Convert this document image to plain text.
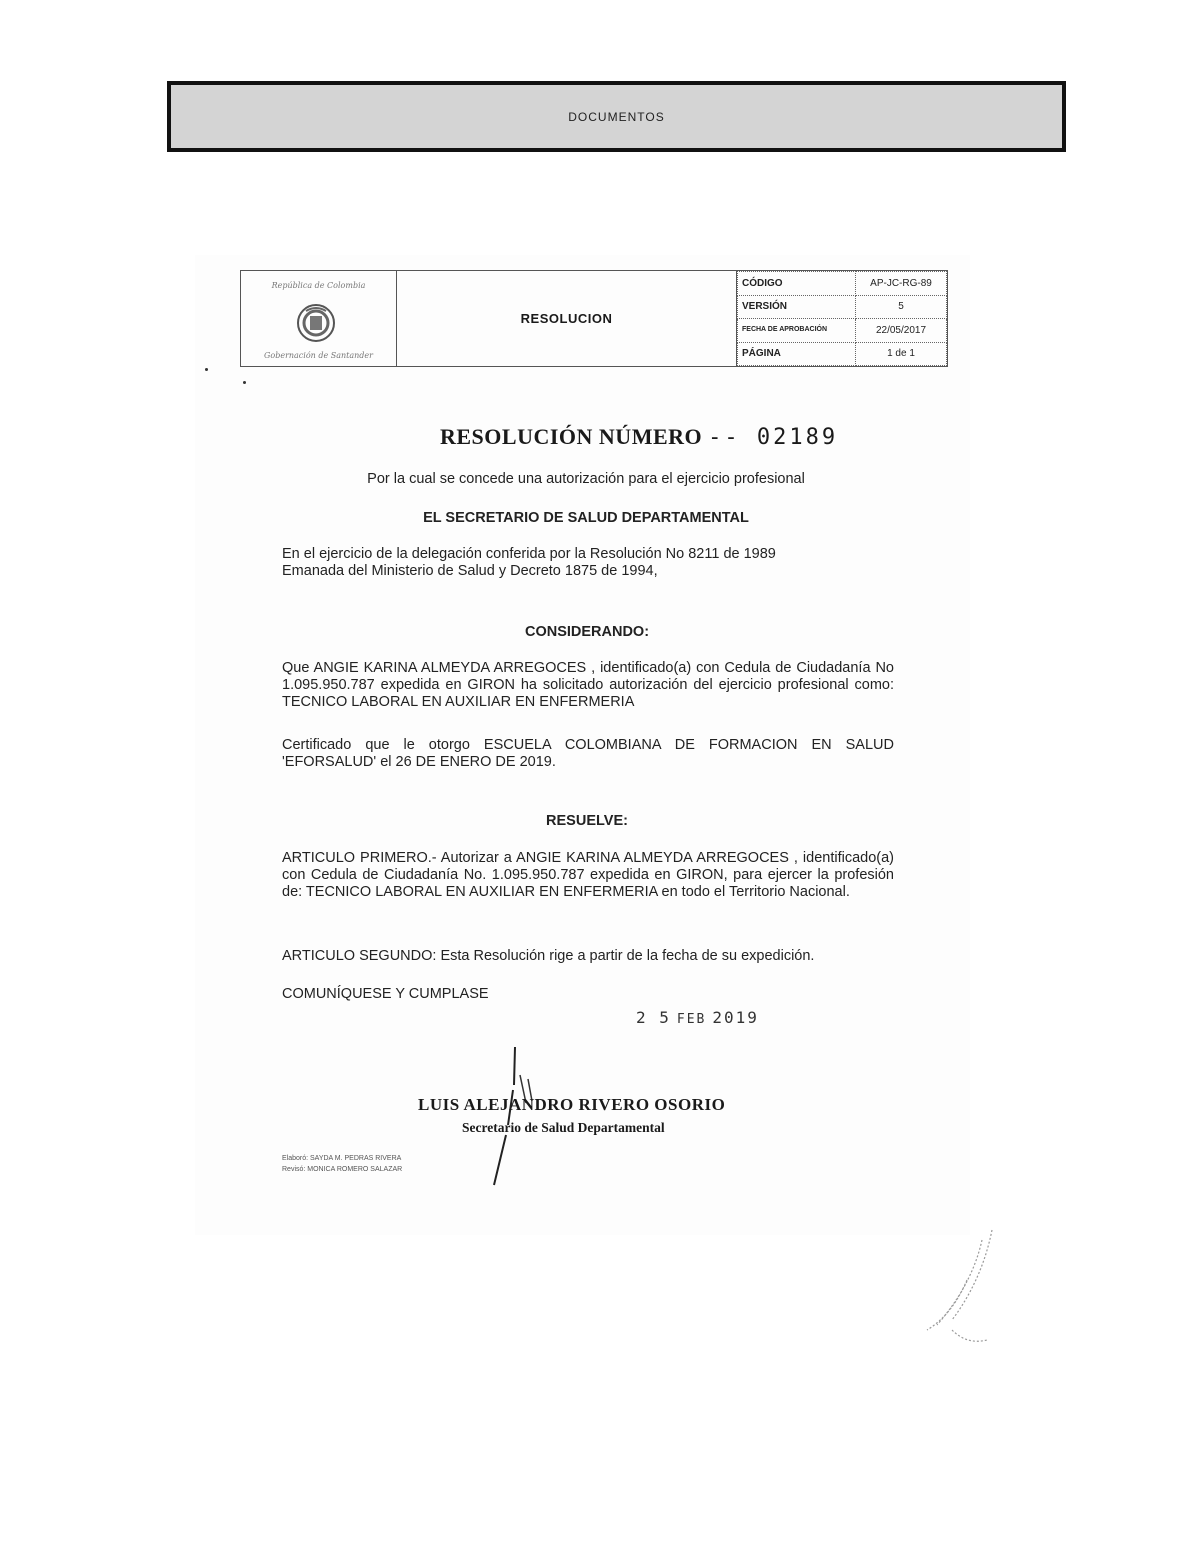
DOCUMENTOS
República de Colombia
Gobernación de Santander
RESOLUCION
CÓDIGO	AP-JC-RG-89
VERSIÓN	5
FECHA DE APROBACIÓN	22/05/2017
PÁGINA	1 de 1
RESOLUCIÓN NÚMERO -- 02189
Por la cual se concede una autorización para el ejercicio profesional
EL SECRETARIO DE SALUD DEPARTAMENTAL
En el ejercicio de la delegación conferida por la Resolución No 8211 de 1989
Emanada del Ministerio de Salud y Decreto 1875 de 1994,
CONSIDERANDO:
Que ANGIE KARINA ALMEYDA ARREGOCES , identificado(a) con Cedula de Ciudadanía No 1.095.950.787 expedida en GIRON ha solicitado autorización del ejercicio profesional como: TECNICO LABORAL EN AUXILIAR EN ENFERMERIA
Certificado que le otorgo ESCUELA COLOMBIANA DE FORMACION EN SALUD 'EFORSALUD' el 26 DE ENERO DE 2019.
RESUELVE:
ARTICULO PRIMERO.- Autorizar a ANGIE KARINA ALMEYDA ARREGOCES , identificado(a) con Cedula de Ciudadanía No. 1.095.950.787 expedida en GIRON, para ejercer la profesión de: TECNICO LABORAL EN AUXILIAR EN ENFERMERIA en todo el Territorio Nacional.
ARTICULO SEGUNDO: Esta Resolución rige a partir de la fecha de su expedición.
COMUNÍQUESE Y CUMPLASE
2 5 FEB 2019
LUIS ALEJANDRO RIVERO OSORIO
Secretario de Salud Departamental
Elaboró: SAYDA M. PEDRAS RIVERA
Revisó: MONICA ROMERO SALAZAR
